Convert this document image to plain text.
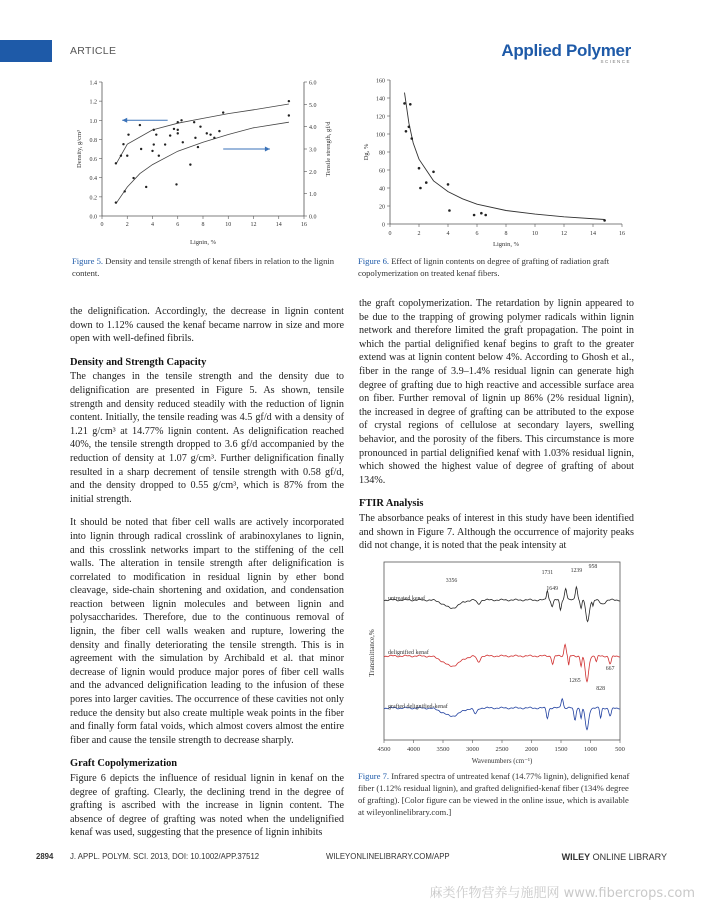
ARTICLE	Applied Polymer
SCIENCE
0.0
0.2
0.4
0.6
0.8
1.0
1.2
1.4
0.0
1.0
2.0
3.0
4.0
5.0
6.0
0	2	4	6	8	10	12	14	16
Lignin, %
Density, g/cm³	Tensile strength, gf/d
Figure 5. Density and tensile strength of kenaf fibers in relation to the lignin content.
0
20
40
60
80
100
120
140
160
0	2	4	6	8	10	12	14	16
Lignin, %
Dg, %
Figure 6. Effect of lignin contents on degree of grafting of radiation graft copolymerization on treated kenaf fibers.
4500	4000	3500	3000	2500	2000	1500	1000	500
Wavenumbers (cm⁻¹)
Transmittance,%
untreated kenaf
delignified kenaf
grafted delignified-kenaf
3356
1731
1649
1239
958
1265
828
667
Figure 7. Infrared spectra of untreated kenaf (14.77% lignin), delignified kenaf fiber (1.12% residual lignin), and grafted delignified-kenaf fiber (134% degree of grafting). [Color figure can be viewed in the online issue, which is available at wileyonlinelibrary.com.]

the delignification. Accordingly, the decrease in lignin content down to 1.12% caused the kenaf became narrow in size and more open with well-defined fibrils.

Density and Strength Capacity

The changes in the tensile strength and the density due to delignification are presented in Figure 5. As shown, tensile strength and density reduced steadily with the reduction of lignin content. Initially, the tensile reading was 4.5 gf/d with a density of 1.21 g/cm³ at 14.77% lignin content. As delignification reached 40%, the tensile strength dropped to 3.6 gf/d accompanied by the reduction of density at 1.07 g/cm³. Further delignification finally resulted in a sharp decrement of tensile strength with 0.58 gf/d, and the density dropped to 0.55 g/cm³, which is 87% from the initial strength.

It should be noted that fiber cell walls are actively incorporated into lignin through radical crosslink of arabinoxylanes to lignin, and this crosslink networks impart to the stiffening of the cell walls. The alteration in tensile strength after delignification is correlated to modification in residual lignin by ether bond cleavage, side-chain shortening and oxidation, and condensation reaction between lignin molecules and between lignin and polysaccharides. Therefore, due to the continuous removal of lignin, the fiber cell walls weaken and rupture, lowering the density and finally deteriorating the tensile strength. This is in agreement with the simulation by Archibald et al. that minor decrease of lignin would produce major pores of fiber cell walls and the advanced delignification leading to the infusion of these pores into larger cavities. The occurrence of these cavities not only reduce the density but also create multiple weak points in the fiber and finally form fatal voids, which almost covers almost the entire fiber and cause the tensile strength to decrease sharply.

Graft Copolymerization

Figure 6 depicts the influence of residual lignin in kenaf on the degree of grafting. Clearly, the declining trend in the degree of grafting is ascribed with the increase in lignin content. The absence of degree of grafting was noted when the undelignified kenaf was used, suggesting that the presence of lignin inhibits

the graft copolymerization. The retardation by lignin appeared to be due to the trapping of growing polymer radicals within lignin network and therefore limited the graft propagation. The point in which the partial delignified kenaf begins to graft to the greater extend was at lignin content below 4%. According to Ghosh et al., fiber in the range of 3.9–1.4% residual lignin can generate high degree of grafting due to high reactive and accessible surface area on fiber. Further removal of lignin up 86% (2% residual lignin), the increased in degree of grafting can be attributed to the expose of crystal regions of cellulose at secondary layers, swelling behavior, and the porosity of the fibers. This circumstance is more pronounced in partial delignified kenaf with 1.03% residual lignin, which showed the highest value of degree of grafting of about 134%.

FTIR Analysis

The absorbance peaks of interest in this study have been identified and shown in Figure 7. Although the occurrence of majority peaks did not change, it is noted that the peak intensity at

2894 J. APPL. POLYM. SCI. 2013, DOI: 10.1002/APP.37512	WILEYONLINELIBRARY.COM/APP	WILEY ONLINE LIBRARY
麻类作物营养与施肥网 www.fibercrops.com
